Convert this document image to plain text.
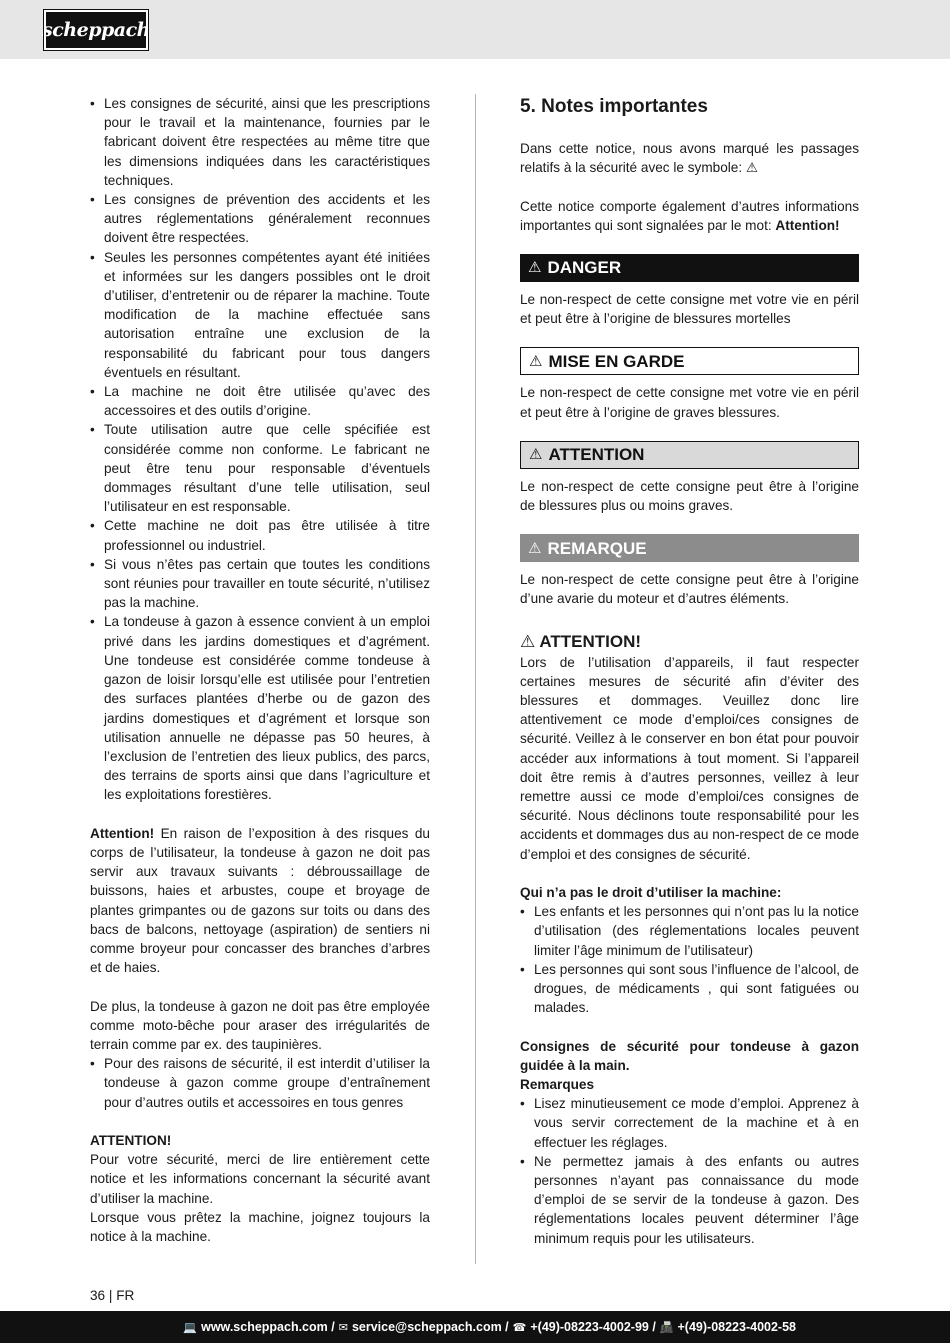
scheppach
• Les consignes de sécurité, ainsi que les prescriptions pour le travail et la maintenance, fournies par le fabricant doivent être respectées au même titre que les dimensions indiquées dans les caractéristiques techniques.
• Les consignes de prévention des accidents et les autres réglementations généralement reconnues doivent être respectées.
• Seules les personnes compétentes ayant été initiées et informées sur les dangers possibles ont le droit d’utiliser, d’entretenir ou de réparer la machine. Toute modification de la machine effectuée sans autorisation entraîne une exclusion de la responsabilité du fabricant pour tous dangers éventuels en résultant.
• La machine ne doit être utilisée qu’avec des accessoires et des outils d’origine.
• Toute utilisation autre que celle spécifiée est considérée comme non conforme. Le fabricant ne peut être tenu pour responsable d’éventuels dommages résultant d’une telle utilisation, seul l’utilisateur en est responsable.
• Cette machine ne doit pas être utilisée à titre professionnel ou industriel.
• Si vous n’êtes pas certain que toutes les conditions sont réunies pour travailler en toute sécurité, n’utilisez pas la machine.
• La tondeuse à gazon à essence convient à un emploi privé dans les jardins domestiques et d’agrément. Une tondeuse est considérée comme tondeuse à gazon de loisir lorsqu’elle est utilisée pour l’entretien des surfaces plantées d’herbe ou de gazon des jardins domestiques et d’agrément et lorsque son utilisation annuelle ne dépasse pas 50 heures, à l’exclusion de l’entretien des lieux publics, des parcs, des terrains de sports ainsi que dans l’agriculture et les exploitations forestières.

Attention! En raison de l’exposition à des risques du corps de l’utilisateur, la tondeuse à gazon ne doit pas servir aux travaux suivants : débroussaillage de buissons, haies et arbustes, coupe et broyage de plantes grimpantes ou de gazons sur toits ou dans des bacs de balcons, nettoyage (aspiration) de sentiers ni comme broyeur pour concasser des branches d’arbres et de haies.

De plus, la tondeuse à gazon ne doit pas être employée comme moto-bêche pour araser des irrégularités de terrain comme par ex. des taupinières.

• Pour des raisons de sécurité, il est interdit d’utiliser la tondeuse à gazon comme groupe d’entraînement pour d’autres outils et accessoires en tous genres

ATTENTION!

Pour votre sécurité, merci de lire entièrement cette notice et les informations concernant la sécurité avant d’utiliser la machine.

Lorsque vous prêtez la machine, joignez toujours la notice à la machine.

5. Notes importantes

Dans cette notice, nous avons marqué les passages relatifs à la sécurité avec le symbole: ⚠

Cette notice comporte également d’autres informations importantes qui sont signalées par le mot: Attention!

⚠ DANGER

Le non-respect de cette consigne met votre vie en péril et peut être à l’origine de blessures mortelles

⚠ MISE EN GARDE

Le non-respect de cette consigne met votre vie en péril et peut être à l’origine de graves blessures.

⚠ ATTENTION

Le non-respect de cette consigne peut être à l’origine de blessures plus ou moins graves.

⚠ REMARQUE

Le non-respect de cette consigne peut être à l’origine d’une avarie du moteur et d’autres éléments.

⚠ ATTENTION!

Lors de l’utilisation d’appareils, il faut respecter certaines mesures de sécurité afin d’éviter des blessures et dommages. Veuillez donc lire attentivement ce mode d’emploi/ces consignes de sécurité. Veillez à le conserver en bon état pour pouvoir accéder aux informations à tout moment. Si l’appareil doit être remis à d’autres personnes, veillez à leur remettre aussi ce mode d’emploi/ces consignes de sécurité. Nous déclinons toute responsabilité pour les accidents et dommages dus au non-respect de ce mode d’emploi et des consignes de sécurité.

Qui n’a pas le droit d’utiliser la machine:

• Les enfants et les personnes qui n’ont pas lu la notice d’utilisation (des réglementations locales peuvent limiter l’âge minimum de l’utilisateur)
• Les personnes qui sont sous l’influence de l’alcool, de drogues, de médicaments , qui sont fatiguées ou malades.

Consignes de sécurité pour tondeuse à gazon guidée à la main.

Remarques

• Lisez minutieusement ce mode d’emploi. Apprenez à vous servir correctement de la machine et à en effectuer les réglages.
• Ne permettez jamais à des enfants ou autres personnes n’ayant pas connaissance du mode d’emploi de se servir de la tondeuse à gazon. Des réglementations locales peuvent déterminer l’âge minimum requis pour les utilisateurs.
36 | FR
💻 www.scheppach.com / ✉ service@scheppach.com / ☎ +(49)-08223-4002-99 / 📠 +(49)-08223-4002-58
